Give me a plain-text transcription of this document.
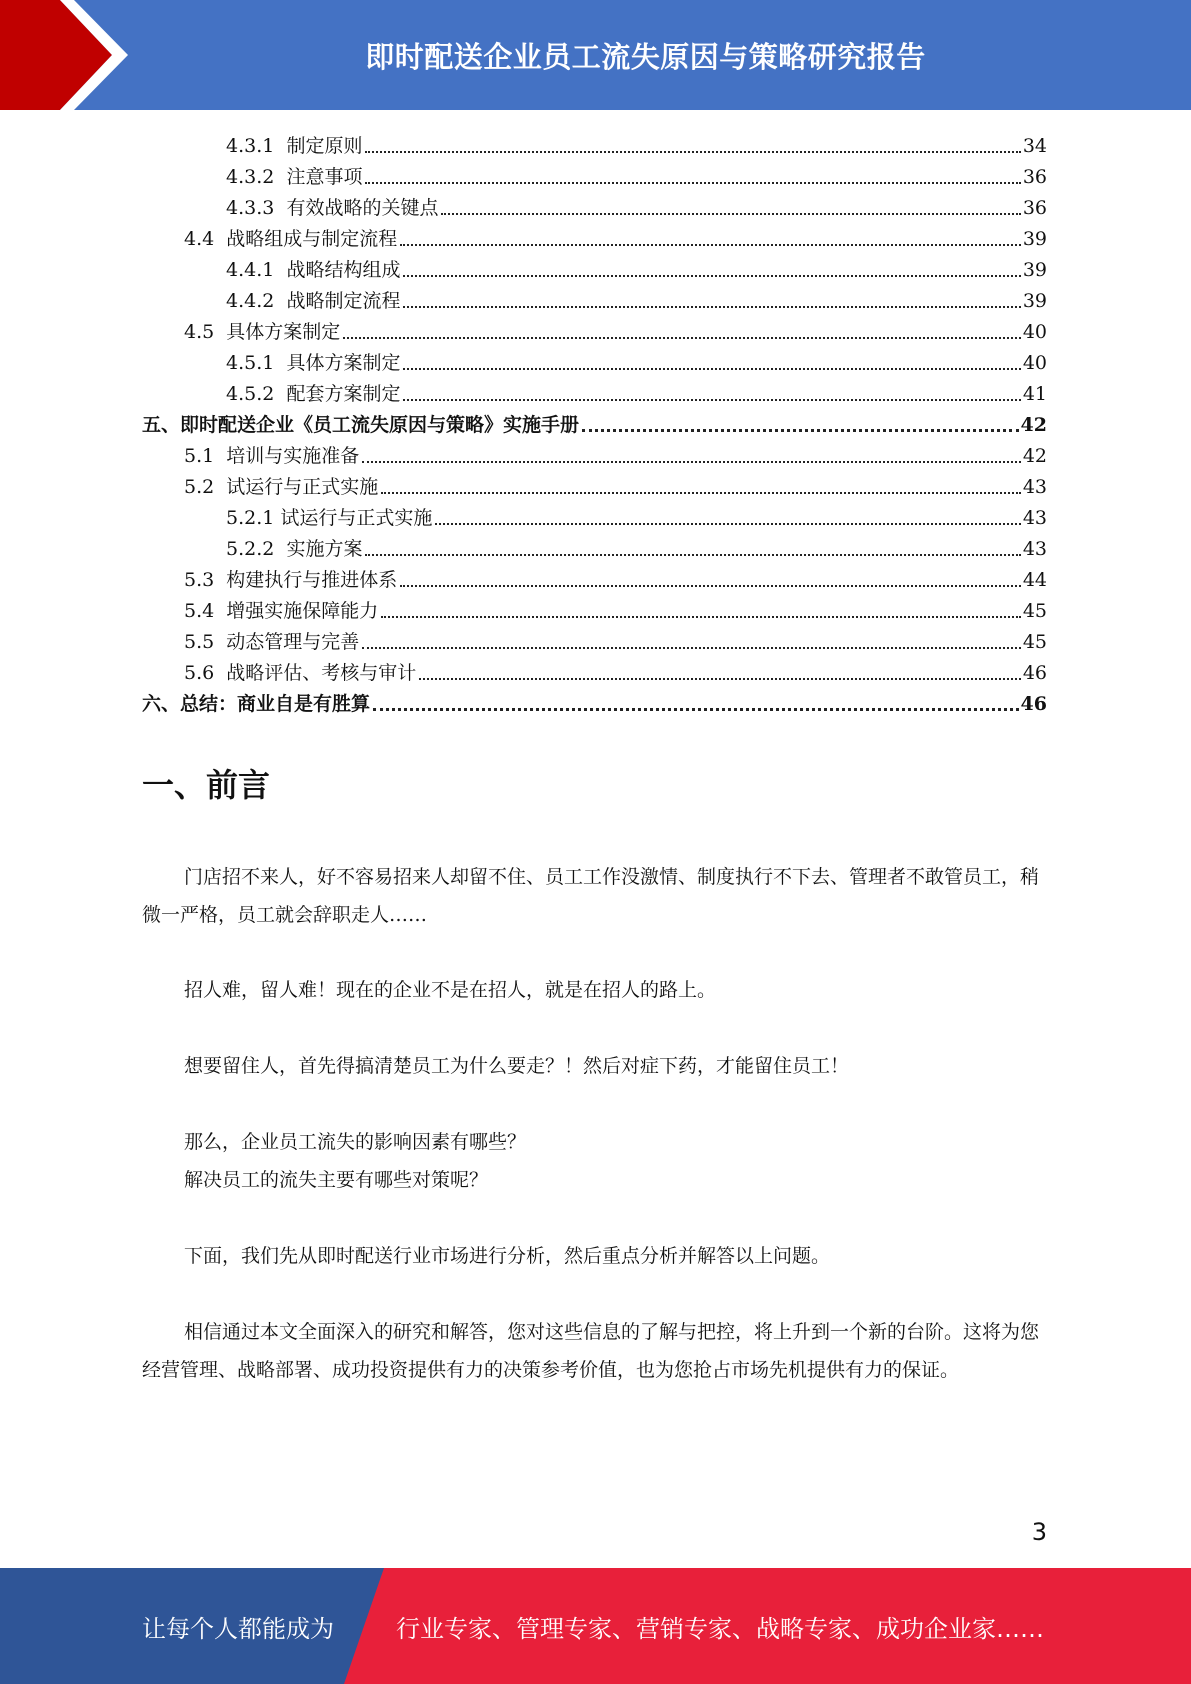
即时配送企业员工流失原因与策略研究报告
4.3.1 制定原则	34
4.3.2 注意事项	36
4.3.3 有效战略的关键点	36
4.4 战略组成与制定流程	39
4.4.1 战略结构组成	39
4.4.2 战略制定流程	39
4.5 具体方案制定	40
4.5.1 具体方案制定	40
4.5.2 配套方案制定	41
五、即时配送企业《员工流失原因与策略》实施手册	42
5.1 培训与实施准备	42
5.2 试运行与正式实施	43
5.2.1 试运行与正式实施	43
5.2.2 实施方案	43
5.3 构建执行与推进体系	44
5.4 增强实施保障能力	45
5.5 动态管理与完善	45
5.6 战略评估、考核与审计	46
六、总结：商业自是有胜算	46
一、前言

门店招不来人，好不容易招来人却留不住、员工工作没激情、制度执行不下去、管理者不敢管员工，稍微一严格，员工就会辞职走人……

招人难，留人难！现在的企业不是在招人，就是在招人的路上。

想要留住人，首先得搞清楚员工为什么要走？！然后对症下药，才能留住员工！

那么，企业员工流失的影响因素有哪些？

解决员工的流失主要有哪些对策呢？

下面，我们先从即时配送行业市场进行分析，然后重点分析并解答以上问题。

相信通过本文全面深入的研究和解答，您对这些信息的了解与把控，将上升到一个新的台阶。这将为您经营管理、战略部署、成功投资提供有力的决策参考价值，也为您抢占市场先机提供有力的保证。

3
让每个人都能成为	行业专家、管理专家、营销专家、战略专家、成功企业家……
